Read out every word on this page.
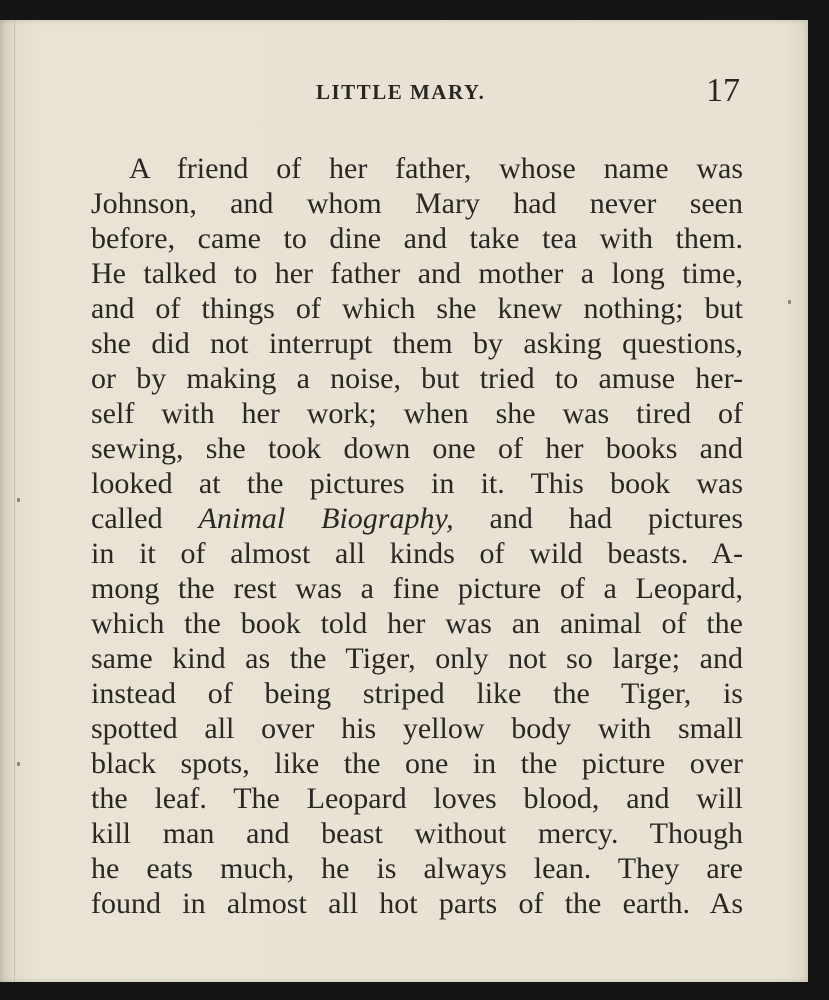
LITTLE MARY.	17
A friend of her father, whose name was
Johnson, and whom Mary had never seen
before, came to dine and take tea with them.
He talked to her father and mother a long time,
and of things of which she knew nothing; but
she did not interrupt them by asking questions,
or by making a noise, but tried to amuse her-
self with her work; when she was tired of
sewing, she took down one of her books and
looked at the pictures in it. This book was
called Animal Biography, and had pictures
in it of almost all kinds of wild beasts. A-
mong the rest was a fine picture of a Leopard,
which the book told her was an animal of the
same kind as the Tiger, only not so large; and
instead of being striped like the Tiger, is
spotted all over his yellow body with small
black spots, like the one in the picture over
the leaf. The Leopard loves blood, and will
kill man and beast without mercy. Though
he eats much, he is always lean. They are
found in almost all hot parts of the earth. As
